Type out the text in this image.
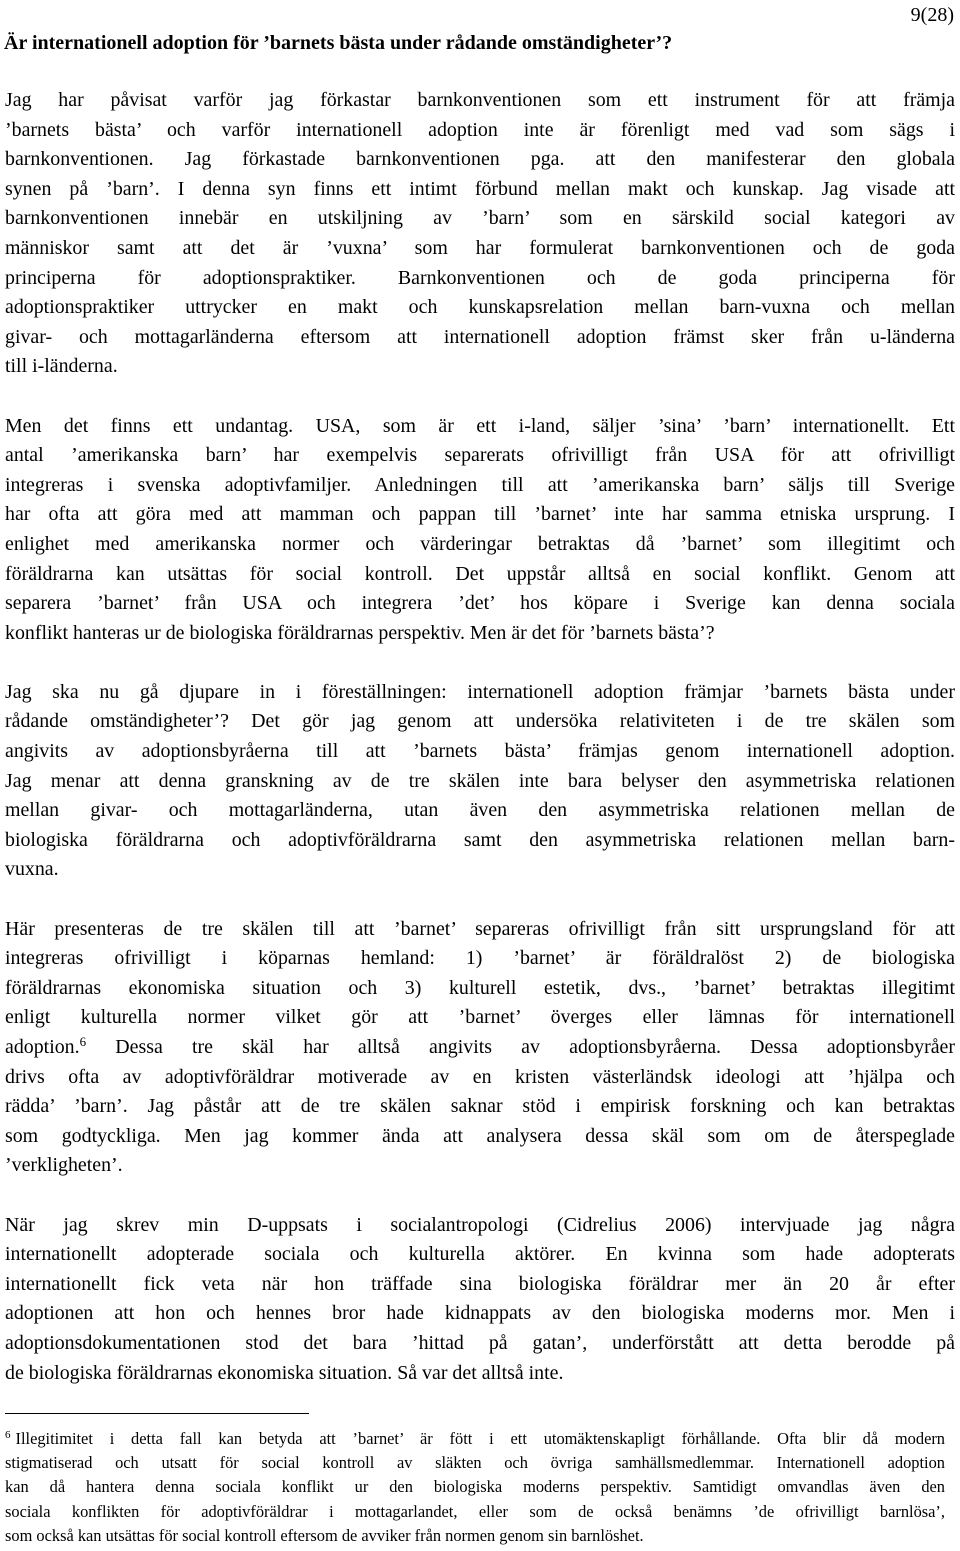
9(28)
Är internationell adoption för ’barnets bästa under rådande omständigheter’?
Jag har påvisat varför jag förkastar barnkonventionen som ett instrument för att främja
’barnets bästa’ och varför internationell adoption inte är förenligt med vad som sägs i
barnkonventionen. Jag förkastade barnkonventionen pga. att den manifesterar den globala
synen på ’barn’. I denna syn finns ett intimt förbund mellan makt och kunskap. Jag visade att
barnkonventionen innebär en utskiljning av ’barn’ som en särskild social kategori av
människor samt att det är ’vuxna’ som har formulerat barnkonventionen och de goda
principerna för adoptionspraktiker. Barnkonventionen och de goda principerna för
adoptionspraktiker uttrycker en makt och kunskapsrelation mellan barn-vuxna och mellan
givar- och mottagarländerna eftersom att internationell adoption främst sker från u-länderna
till i-länderna.
Men det finns ett undantag. USA, som är ett i-land, säljer ’sina’ ’barn’ internationellt. Ett
antal ’amerikanska barn’ har exempelvis separerats ofrivilligt från USA för att ofrivilligt
integreras i svenska adoptivfamiljer. Anledningen till att ’amerikanska barn’ säljs till Sverige
har ofta att göra med att mamman och pappan till ’barnet’ inte har samma etniska ursprung. I
enlighet med amerikanska normer och värderingar betraktas då ’barnet’ som illegitimt och
föräldrarna kan utsättas för social kontroll. Det uppstår alltså en social konflikt. Genom att
separera ’barnet’ från USA och integrera ’det’ hos köpare i Sverige kan denna sociala
konflikt hanteras ur de biologiska föräldrarnas perspektiv. Men är det för ’barnets bästa’?
Jag ska nu gå djupare in i föreställningen: internationell adoption främjar ’barnets bästa under
rådande omständigheter’? Det gör jag genom att undersöka relativiteten i de tre skälen som
angivits av adoptionsbyråerna till att ’barnets bästa’ främjas genom internationell adoption.
Jag menar att denna granskning av de tre skälen inte bara belyser den asymmetriska relationen
mellan givar- och mottagarländerna, utan även den asymmetriska relationen mellan de
biologiska föräldrarna och adoptivföräldrarna samt den asymmetriska relationen mellan barn-
vuxna.
Här presenteras de tre skälen till att ’barnet’ separeras ofrivilligt från sitt ursprungsland för att
integreras ofrivilligt i köparnas hemland: 1) ’barnet’ är föräldralöst 2) de biologiska
föräldrarnas ekonomiska situation och 3) kulturell estetik, dvs., ’barnet’ betraktas illegitimt
enligt kulturella normer vilket gör att ’barnet’ överges eller lämnas för internationell
adoption.$^6$ Dessa tre skäl har alltså angivits av adoptionsbyråerna. Dessa adoptionsbyråer
drivs ofta av adoptivföräldrar motiverade av en kristen västerländsk ideologi att ’hjälpa och
rädda’ ’barn’. Jag påstår att de tre skälen saknar stöd i empirisk forskning och kan betraktas
som godtyckliga. Men jag kommer ända att analysera dessa skäl som om de återspeglade
’verkligheten’.
När jag skrev min D-uppsats i socialantropologi (Cidrelius 2006) intervjuade jag några
internationellt adopterade sociala och kulturella aktörer. En kvinna som hade adopterats
internationellt fick veta när hon träffade sina biologiska föräldrar mer än 20 år efter
adoptionen att hon och hennes bror hade kidnappats av den biologiska moderns mor. Men i
adoptionsdokumentationen stod det bara ’hittad på gatan’, underförstått att detta berodde på
de biologiska föräldrarnas ekonomiska situation. Så var det alltså inte.
$^6$ Illegitimitet i detta fall kan betyda att ’barnet’ är fött i ett utomäktenskapligt förhållande. Ofta blir då modern
stigmatiserad och utsatt för social kontroll av släkten och övriga samhällsmedlemmar. Internationell adoption
kan då hantera denna sociala konflikt ur den biologiska moderns perspektiv. Samtidigt omvandlas även den
sociala konflikten för adoptivföräldrar i mottagarlandet, eller som de också benämns ’de ofrivilligt barnlösa’,
som också kan utsättas för social kontroll eftersom de avviker från normen genom sin barnlöshet.
